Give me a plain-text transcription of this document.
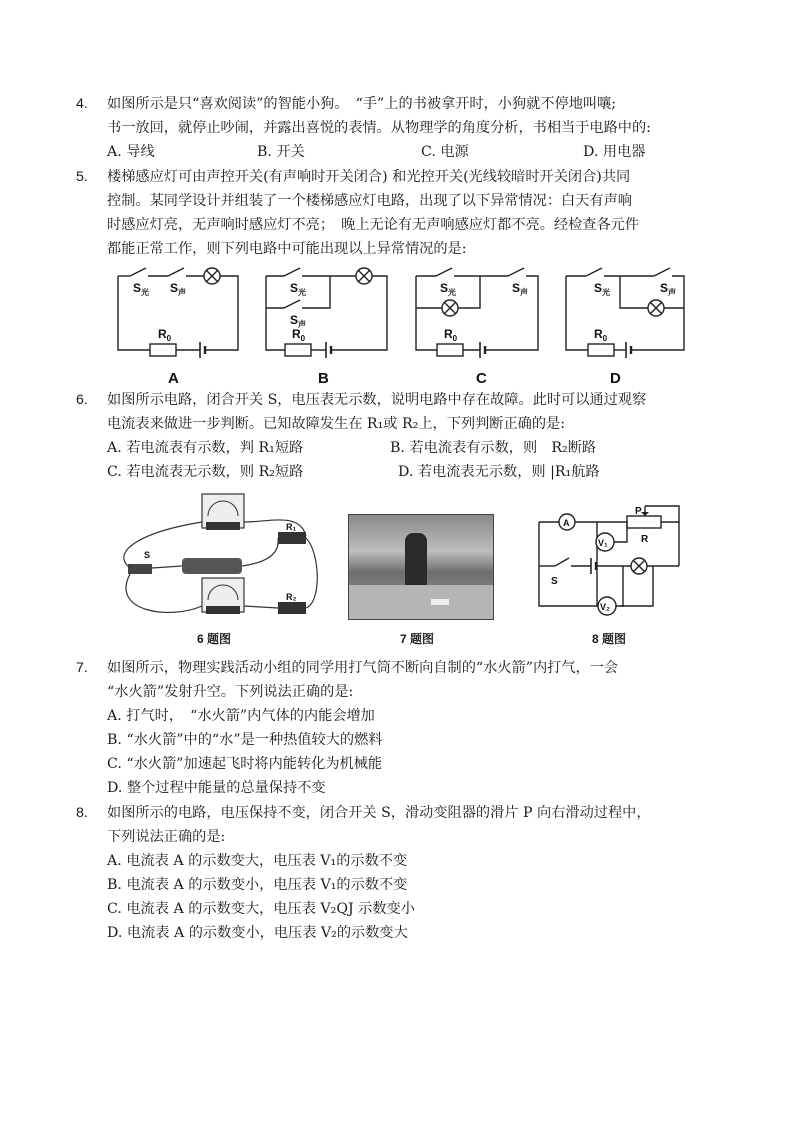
4. 如图所示是只“喜欢阅读”的智能小狗。　“手”上的书被拿开时，小狗就不停地叫嚷;
书一放回，就停止吵闹，并露出喜悦的表情。从物理学的角度分析，书相当于电路中的:
A. 导线	B. 开关	C. 电源	D. 用电器
5. 楼梯感应灯可由声控开关(有声响时开关闭合) 和光控开关(光线较暗时开关闭合)共同
控制。某同学设计并组装了一个楼梯感应灯电路，出现了以下异常情况：白天有声响
时感应灯亮，无声响时感应灯不亮；　晚上无论有无声响感应灯都不亮。经检查各元件
都能正常工作，则下列电路中可能出现以上异常情况的是:
$S_光$ $S_声$
$R_0$
A
$S_光$
$S_声$
$R_0$
B
$S_光$	$S_声$
$R_0$
C
$S_光$	$S_声$
$R_0$
D
6. 如图所示电路，闭合开关 S，电压表无示数，说明电路中存在故障。此时可以通过观察
电流表来做进一步判断。已知故障发生在 R₁或 R₂上，下列判断正确的是:
A. 若电流表有示数，判 R₁短路	B. 若电流表有示数，则　R₂断路
C. 若电流表无示数，则 R₂短路	D. 若电流表无示数，则 |R₁航路
S
R₁
R₂
6 题图	7 题图
A
P
R
V₁
S
V₂
8 题图
7. 如图所示，物理实践活动小组的同学用打气筒不断向自制的“水火箭”内打气，一会
“水火箭”发射升空。下列说法正确的是:
A. 打气时，　“水火箭”内气体的内能会增加
B. “水火箭”中的“水”是一种热值较大的燃料
C. “水火箭”加速起飞时将内能转化为机械能
D. 整个过程中能量的总量保持不变
8. 如图所示的电路，电压保持不变，闭合开关 S，滑动变阻器的滑片 P 向右滑动过程中，
下列说法正确的是:
A. 电流表 A 的示数变大，电压表 V₁的示数不变
B. 电流表 A 的示数变小，电压表 V₁的示数不变
C. 电流表 A 的示数变大，电压表 V₂QJ 示数变小
D. 电流表 A 的示数变小，电压表 V₂的示数变大
